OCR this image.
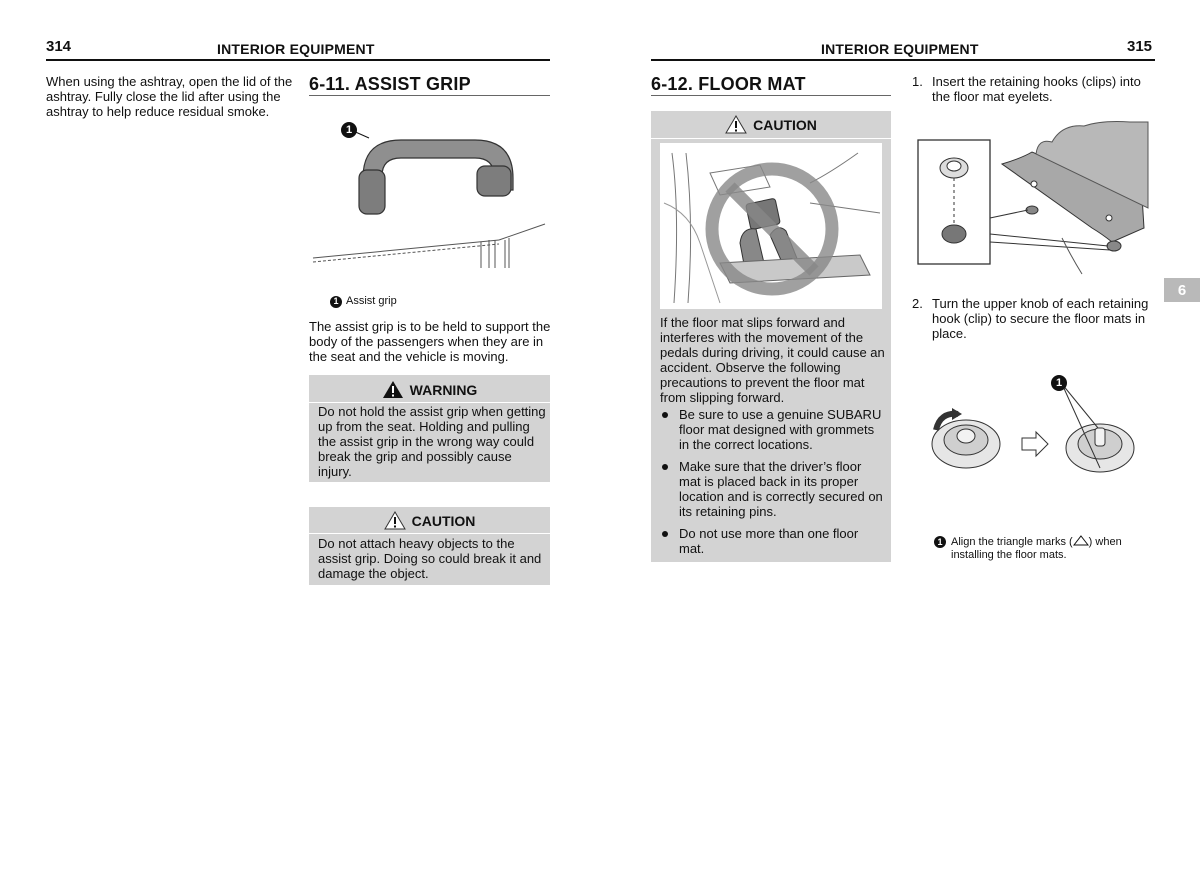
314	INTERIOR EQUIPMENT
When using the ashtray, open the lid of the ashtray. Fully close the lid after using the ashtray to help reduce residual smoke.
6-11. ASSIST GRIP
1
1 Assist grip
The assist grip is to be held to support the body of the passengers when they are in the seat and the vehicle is moving.
WARNING
Do not hold the assist grip when getting up from the seat. Holding and pulling the assist grip in the wrong way could break the grip and possibly cause injury.
CAUTION
Do not attach heavy objects to the assist grip. Doing so could break it and damage the object.
INTERIOR EQUIPMENT	315
6-12. FLOOR MAT
CAUTION
If the floor mat slips forward and interferes with the movement of the pedals during driving, it could cause an accident. Observe the following precautions to prevent the floor mat from slipping forward.
Be sure to use a genuine SUBARU floor mat designed with grommets in the correct locations.
Make sure that the driver’s floor mat is placed back in its proper location and is correctly secured on its retaining pins.
Do not use more than one floor mat.
1. Insert the retaining hooks (clips) into the floor mat eyelets.
2. Turn the upper knob of each retaining hook (clip) to secure the floor mats in place.
1
1 Align the triangle marks ( ) when installing the floor mats.
6
